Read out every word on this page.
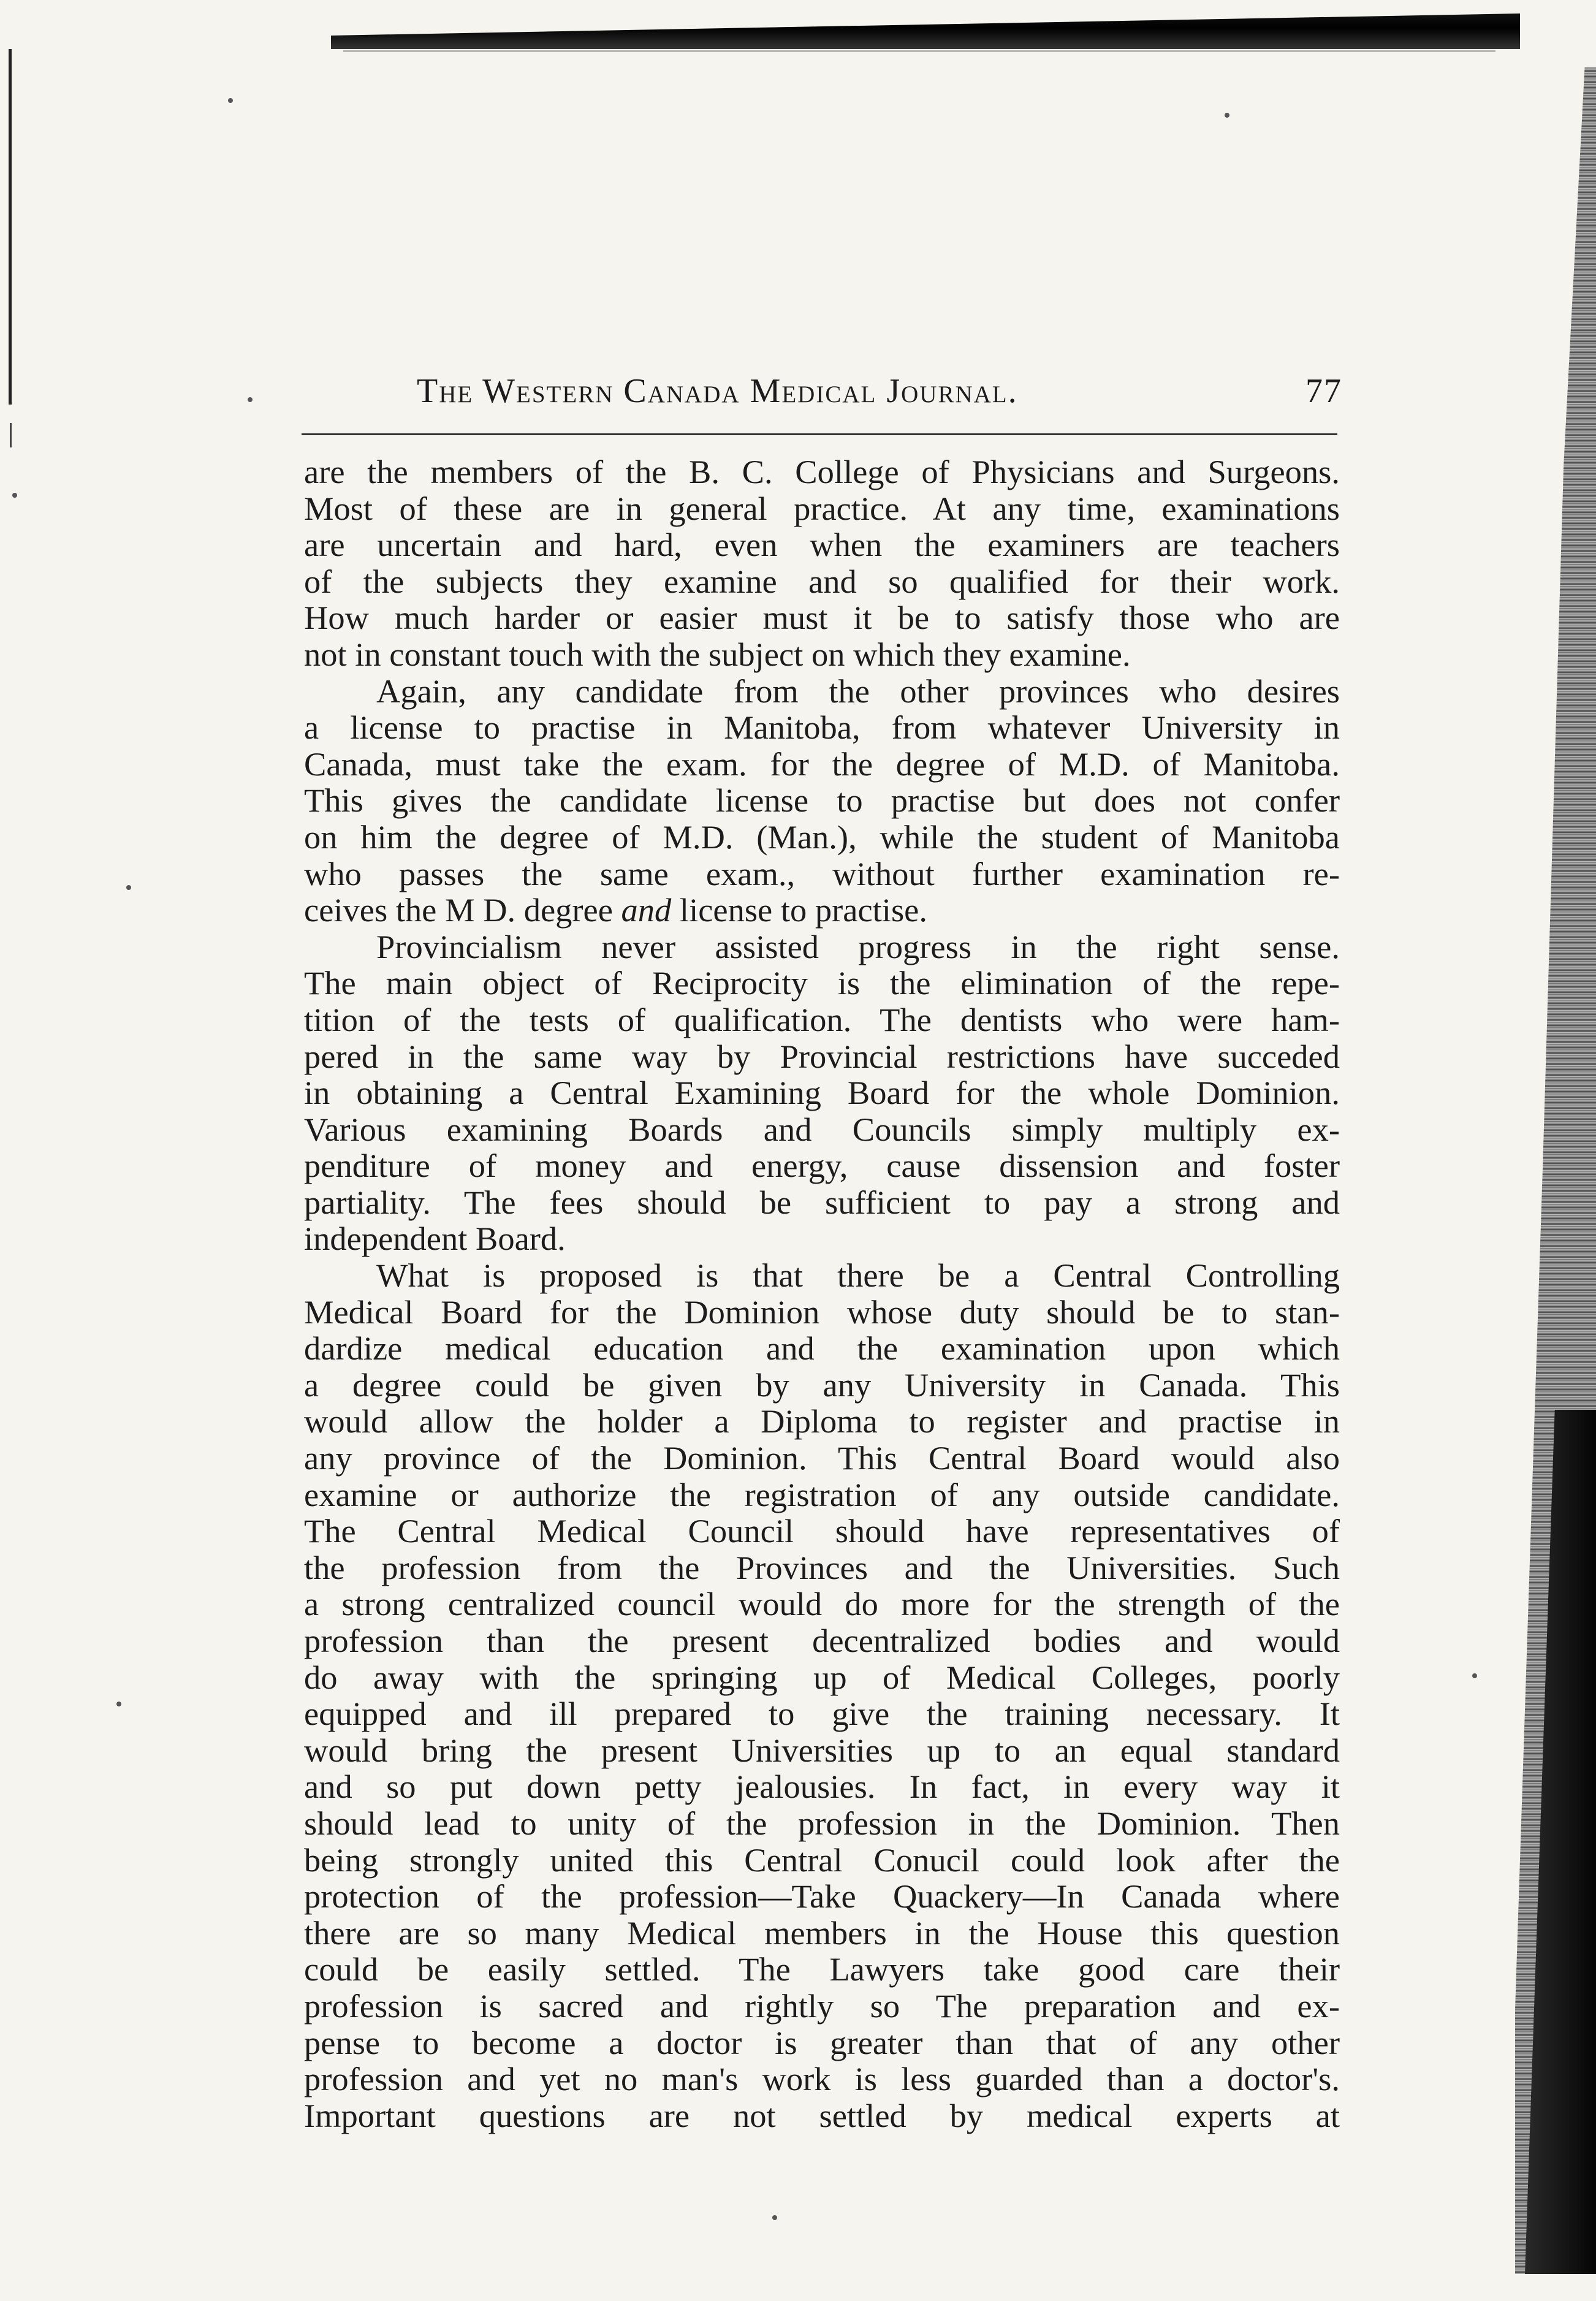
The Western Canada Medical Journal.	77
are the members of the B. C. College of Physicians and Surgeons.
Most of these are in general practice. At any time, examinations
are uncertain and hard, even when the examiners are teachers
of the subjects they examine and so qualified for their work.
How much harder or easier must it be to satisfy those who are
not in constant touch with the subject on which they examine.
Again, any candidate from the other provinces who desires
a license to practise in Manitoba, from whatever University in
Canada, must take the exam. for the degree of M.D. of Manitoba.
This gives the candidate license to practise but does not confer
on him the degree of M.D. (Man.), while the student of Manitoba
who passes the same exam., without further examination re-
ceives the M D. degree and license to practise.
Provincialism never assisted progress in the right sense.
The main object of Reciprocity is the elimination of the repe-
tition of the tests of qualification. The dentists who were ham-
pered in the same way by Provincial restrictions have succeded
in obtaining a Central Examining Board for the whole Dominion.
Various examining Boards and Councils simply multiply ex-
penditure of money and energy, cause dissension and foster
partiality. The fees should be sufficient to pay a strong and
independent Board.
What is proposed is that there be a Central Controlling
Medical Board for the Dominion whose duty should be to stan-
dardize medical education and the examination upon which
a degree could be given by any University in Canada. This
would allow the holder a Diploma to register and practise in
any province of the Dominion. This Central Board would also
examine or authorize the registration of any outside candidate.
The Central Medical Council should have representatives of
the profession from the Provinces and the Universities. Such
a strong centralized council would do more for the strength of the
profession than the present decentralized bodies and would
do away with the springing up of Medical Colleges, poorly
equipped and ill prepared to give the training necessary. It
would bring the present Universities up to an equal standard
and so put down petty jealousies. In fact, in every way it
should lead to unity of the profession in the Dominion. Then
being strongly united this Central Conucil could look after the
protection of the profession—Take Quackery—In Canada where
there are so many Medical members in the House this question
could be easily settled. The Lawyers take good care their
profession is sacred and rightly so The preparation and ex-
pense to become a doctor is greater than that of any other
profession and yet no man's work is less guarded than a doctor's.
Important questions are not settled by medical experts at
